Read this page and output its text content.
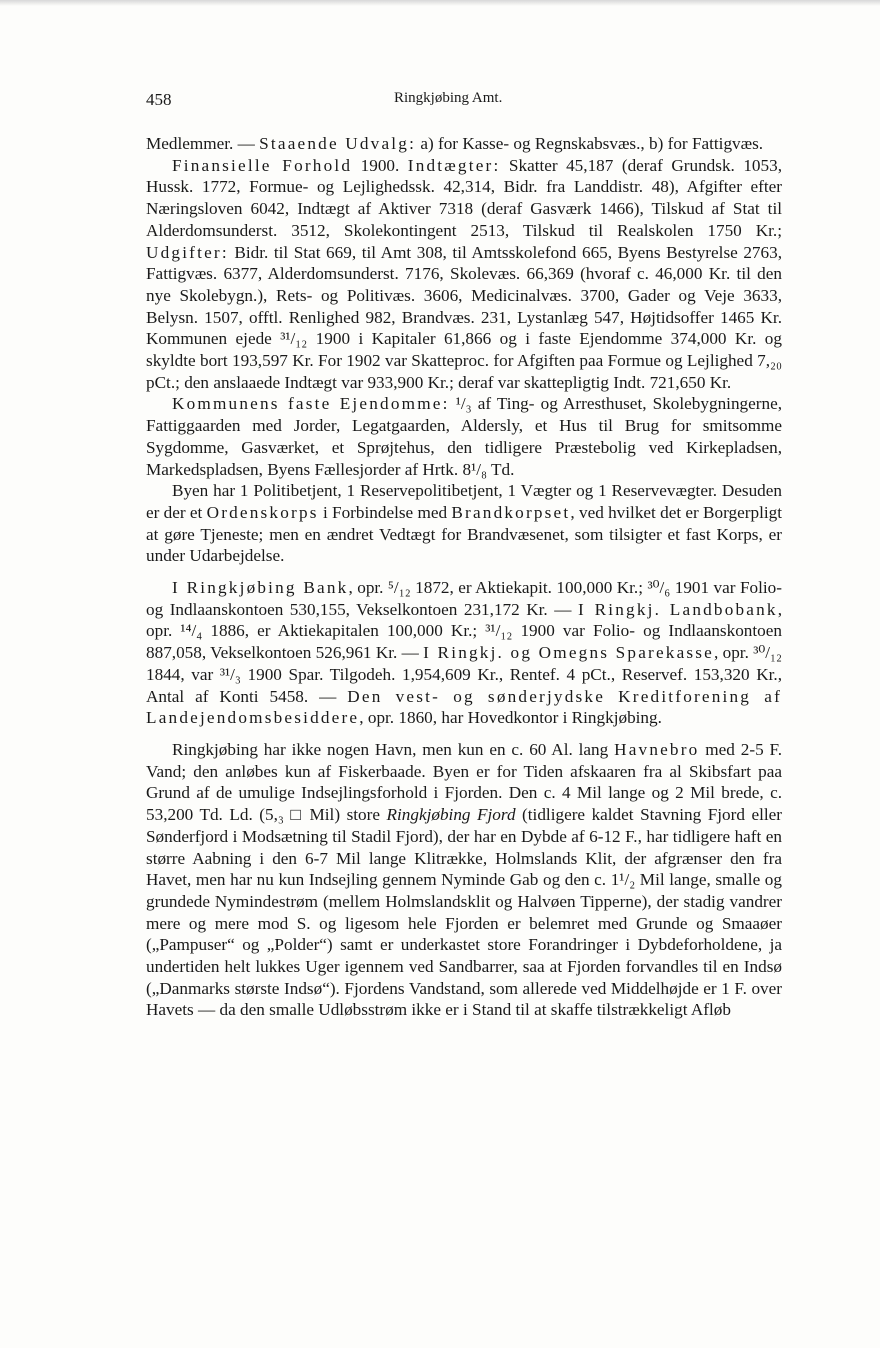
458	Ringkjøbing Amt.

Medlemmer. — Staaende Udvalg: a) for Kasse- og Regnskabsvæs., b) for Fattigvæs.

Finansielle Forhold 1900. Indtægter: Skatter 45,187 (deraf Grundsk. 1053, Hussk. 1772, Formue- og Lejlighedssk. 42,314, Bidr. fra Landdistr. 48), Afgifter efter Næringsloven 6042, Indtægt af Aktiver 7318 (deraf Gasværk 1466), Tilskud af Stat til Alderdomsunderst. 3512, Skolekontingent 2513, Tilskud til Realskolen 1750 Kr.; Udgifter: Bidr. til Stat 669, til Amt 308, til Amtsskolefond 665, Byens Bestyrelse 2763, Fattigvæs. 6377, Alderdomsunderst. 7176, Skolevæs. 66,369 (hvoraf c. 46,000 Kr. til den nye Skolebygn.), Rets- og Politivæs. 3606, Medicinalvæs. 3700, Gader og Veje 3633, Belysn. 1507, offtl. Renlighed 982, Brandvæs. 231, Lystanlæg 547, Højtidsoffer 1465 Kr. Kommunen ejede ³¹/₁₂ 1900 i Kapitaler 61,866 og i faste Ejendomme 374,000 Kr. og skyldte bort 193,597 Kr. For 1902 var Skatteproc. for Afgiften paa Formue og Lejlighed 7,₂₀ pCt.; den anslaaede Indtægt var 933,900 Kr.; deraf var skattepligtig Indt. 721,650 Kr.

Kommunens faste Ejendomme: ¹/₃ af Ting- og Arresthuset, Skolebygningerne, Fattiggaarden med Jorder, Legatgaarden, Aldersly, et Hus til Brug for smitsomme Sygdomme, Gasværket, et Sprøjtehus, den tidligere Præstebolig ved Kirkepladsen, Markedspladsen, Byens Fællesjorder af Hrtk. 8¹/₈ Td.

Byen har 1 Politibetjent, 1 Reservepolitibetjent, 1 Vægter og 1 Reservevægter. Desuden er der et Ordenskorps i Forbindelse med Brandkorpset, ved hvilket det er Borgerpligt at gøre Tjeneste; men en ændret Vedtægt for Brandvæsenet, som tilsigter et fast Korps, er under Udarbejdelse.

I Ringkjøbing Bank, opr. ⁵/₁₂ 1872, er Aktiekapit. 100,000 Kr.; ³⁰/₆ 1901 var Folio- og Indlaanskontoen 530,155, Vekselkontoen 231,172 Kr. — I Ringkj. Landbobank, opr. ¹⁴/₄ 1886, er Aktiekapitalen 100,000 Kr.; ³¹/₁₂ 1900 var Folio- og Indlaanskontoen 887,058, Vekselkontoen 526,961 Kr. — I Ringkj. og Omegns Sparekasse, opr. ³⁰/₁₂ 1844, var ³¹/₃ 1900 Spar. Tilgodeh. 1,954,609 Kr., Rentef. 4 pCt., Reservef. 153,320 Kr., Antal af Konti 5458. — Den vest- og sønderjydske Kreditforening af Landejendomsbesiddere, opr. 1860, har Hovedkontor i Ringkjøbing.

Ringkjøbing har ikke nogen Havn, men kun en c. 60 Al. lang Havnebro med 2-5 F. Vand; den anløbes kun af Fiskerbaade. Byen er for Tiden afskaaren fra al Skibsfart paa Grund af de umulige Indsejlingsforhold i Fjorden. Den c. 4 Mil lange og 2 Mil brede, c. 53,200 Td. Ld. (5,₃ □ Mil) store Ringkjøbing Fjord (tidligere kaldet Stavning Fjord eller Sønderfjord i Modsætning til Stadil Fjord), der har en Dybde af 6-12 F., har tidligere haft en større Aabning i den 6-7 Mil lange Klitrække, Holmslands Klit, der afgrænser den fra Havet, men har nu kun Indsejling gennem Nyminde Gab og den c. 1¹/₂ Mil lange, smalle og grundede Nymindestrøm (mellem Holmslandsklit og Halvøen Tipperne), der stadig vandrer mere og mere mod S. og ligesom hele Fjorden er belemret med Grunde og Smaaøer („Pampuser“ og „Polder“) samt er underkastet store Forandringer i Dybdeforholdene, ja undertiden helt lukkes Uger igennem ved Sandbarrer, saa at Fjorden forvandles til en Indsø („Danmarks største Indsø“). Fjordens Vandstand, som allerede ved Middelhøjde er 1 F. over Havets — da den smalle Udløbsstrøm ikke er i Stand til at skaffe tilstrækkeligt Afløb
